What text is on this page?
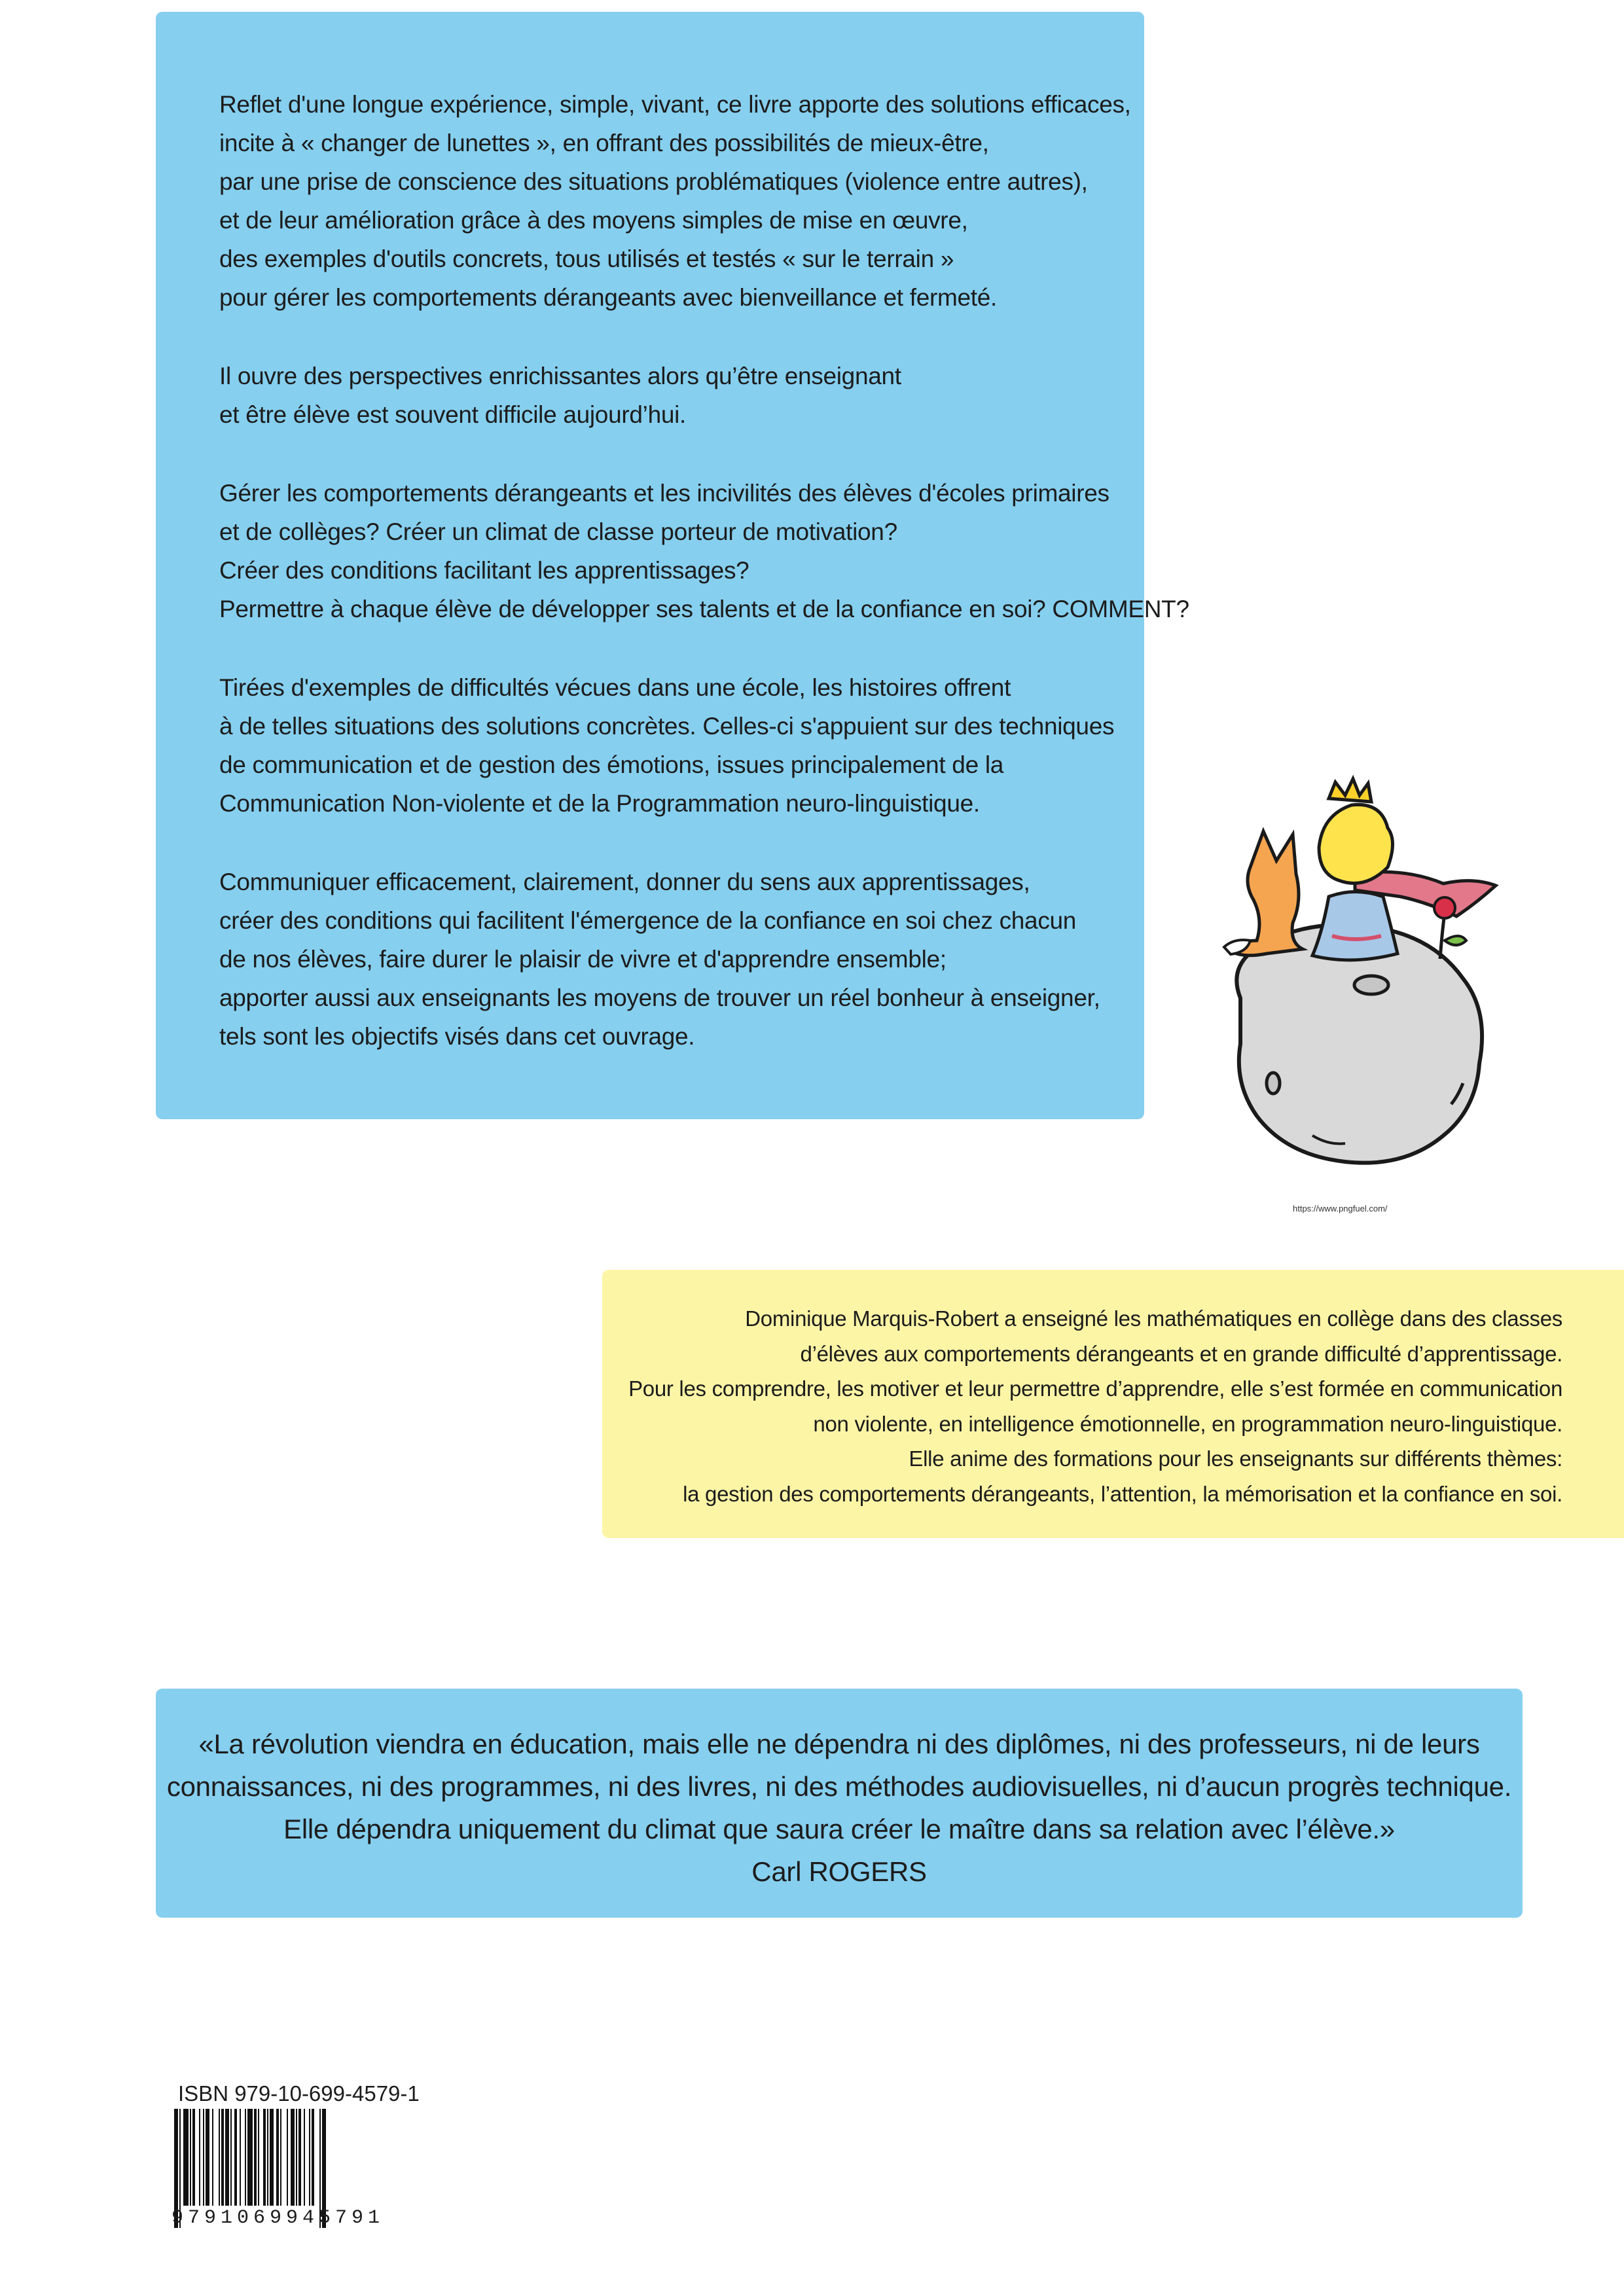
Reflet d'une longue expérience, simple, vivant, ce livre apporte des solutions efficaces,
incite à « changer de lunettes », en offrant des possibilités de mieux-être,
par une prise de conscience des situations problématiques (violence entre autres),
et de leur amélioration grâce à des moyens simples de mise en œuvre,
des exemples d'outils concrets, tous utilisés et testés « sur le terrain »
pour gérer les comportements dérangeants avec bienveillance et fermeté.
Il ouvre des perspectives enrichissantes alors qu’être enseignant
et être élève est souvent difficile aujourd’hui.
Gérer les comportements dérangeants et les incivilités des élèves d'écoles primaires
et de collèges? Créer un climat de classe porteur de motivation?
Créer des conditions facilitant les apprentissages?
Permettre à chaque élève de développer ses talents et de la confiance en soi? COMMENT?
Tirées d'exemples de difficultés vécues dans une école, les histoires offrent
à de telles situations des solutions concrètes. Celles-ci s'appuient sur des techniques
de communication et de gestion des émotions, issues principalement de la
Communication Non-violente et de la Programmation neuro-linguistique.
Communiquer efficacement, clairement, donner du sens aux apprentissages,
créer des conditions qui facilitent l'émergence de la confiance en soi chez chacun
de nos élèves, faire durer le plaisir de vivre et d'apprendre ensemble;
apporter aussi aux enseignants les moyens de trouver un réel bonheur à enseigner,
tels sont les objectifs visés dans cet ouvrage.
https://www.pngfuel.com/
Dominique Marquis-Robert a enseigné les mathématiques en collège dans des classes
d’élèves aux comportements dérangeants et en grande difficulté d’apprentissage.
Pour les comprendre, les motiver et leur permettre d’apprendre, elle s’est formée en communication
non violente, en intelligence émotionnelle, en programmation neuro-linguistique.
Elle anime des formations pour les enseignants sur différents thèmes:
la gestion des comportements dérangeants, l’attention, la mémorisation et la confiance en soi.
«La révolution viendra en éducation, mais elle ne dépendra ni des diplômes, ni des professeurs, ni de leurs
connaissances, ni des programmes, ni des livres, ni des méthodes audiovisuelles, ni d’aucun progrès technique.
Elle dépendra uniquement du climat que saura créer le maître dans sa relation avec l’élève.»
Carl ROGERS
ISBN 979-10-699-4579-1
9791069945791
